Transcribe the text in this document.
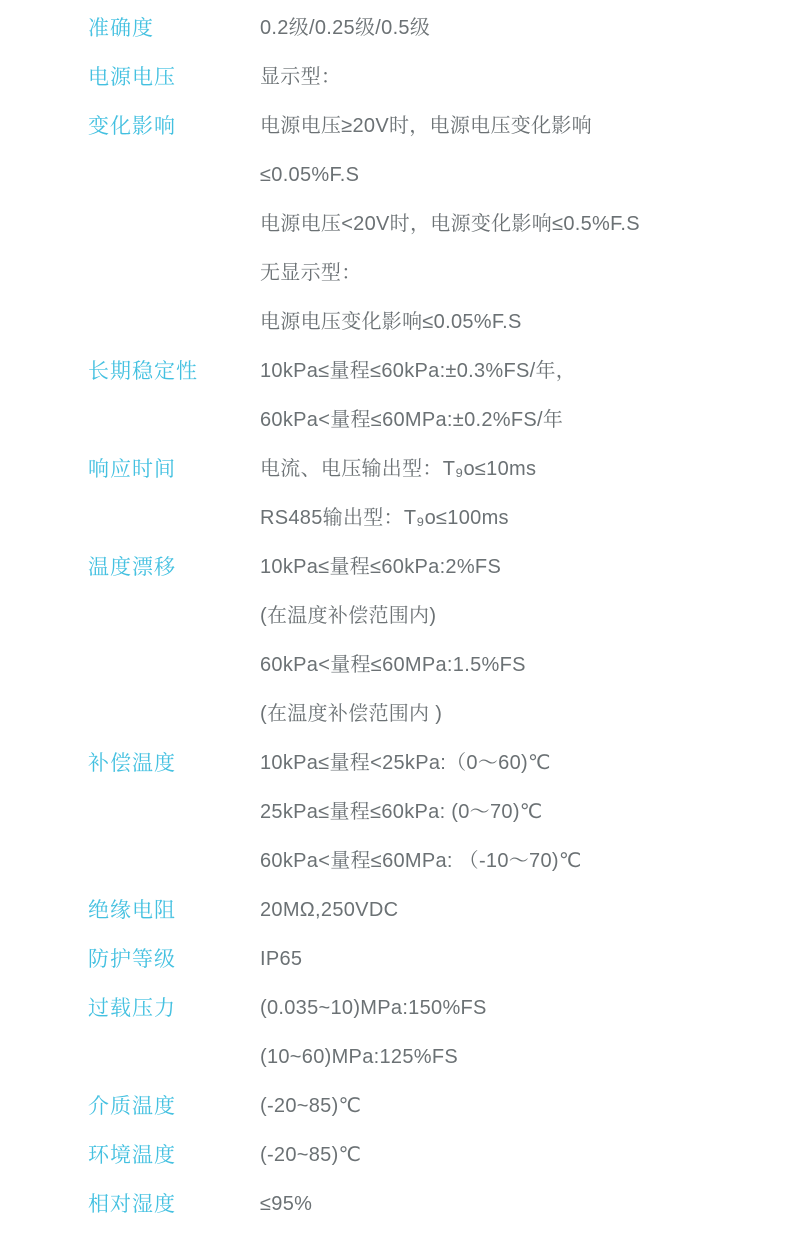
准确度	0.2级/0.25级/0.5级
电源电压	显示型：
变化影响	电源电压≥20V时，电源电压变化影响
≤0.05%F.S
电源电压<20V时，电源变化影响≤0.5%F.S
无显示型：
电源电压变化影响≤0.05%F.S
长期稳定性	10kPa≤量程≤60kPa:±0.3%FS/年，
60kPa<量程≤60MPa:±0.2%FS/年
响应时间	电流、电压输出型：T₉o≤10ms
RS485输出型：T₉o≤100ms
温度漂移	10kPa≤量程≤60kPa:2%FS
(在温度补偿范围内)
60kPa<量程≤60MPa:1.5%FS
(在温度补偿范围内 )
补偿温度	10kPa≤量程<25kPa:（0～60)℃
25kPa≤量程≤60kPa: (0～70)℃
60kPa<量程≤60MPa: （-10～70)℃
绝缘电阻	20MΩ,250VDC
防护等级	IP65
过载压力	(0.035~10)MPa:150%FS
(10~60)MPa:125%FS
介质温度	(-20~85)℃
环境温度	(-20~85)℃
相对湿度	≤95%
